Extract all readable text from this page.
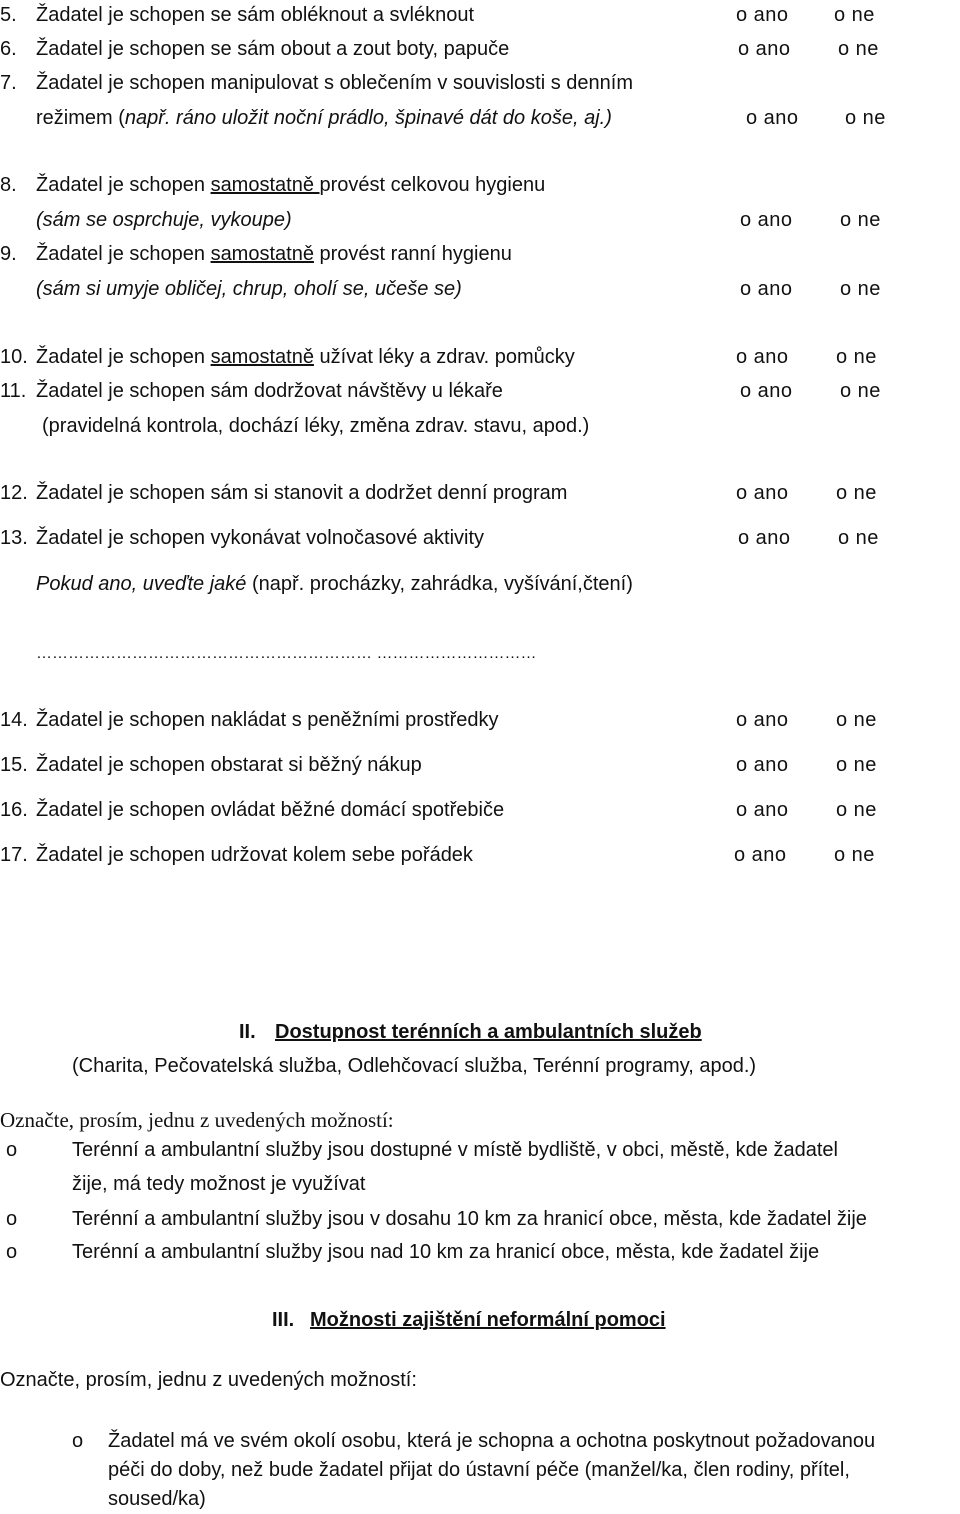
5. Žadatel je schopen se sám obléknout a svléknout	o ano o ne
6. Žadatel je schopen se sám obout a zout boty, papuče	o ano o ne
7. Žadatel je schopen manipulovat s oblečením v souvislosti s denním
režimem (např. ráno uložit noční prádlo, špinavé dát do koše, aj.)	o ano o ne
8. Žadatel je schopen samostatně provést celkovou hygienu
(sám se osprchuje, vykoupe)	o ano o ne
9. Žadatel je schopen samostatně provést ranní hygienu
(sám si umyje obličej, chrup, oholí se, učeše se)	o ano o ne
10. Žadatel je schopen samostatně užívat léky a zdrav. pomůcky	o ano o ne
11. Žadatel je schopen sám dodržovat návštěvy u lékaře
(pravidelná kontrola, dochází léky, změna zdrav. stavu, apod.)
o ano o ne
12. Žadatel je schopen sám si stanovit a dodržet denní program	o ano o ne
13. Žadatel je schopen vykonávat volnočasové aktivity	o ano o ne
Pokud ano, uveďte jaké (např. procházky, zahrádka, vyšívání,čtení)
……………………………………………………… …………………………
14. Žadatel je schopen nakládat s peněžními prostředky	o ano o ne
15. Žadatel je schopen obstarat si běžný nákup	o ano o ne
16. Žadatel je schopen ovládat běžné domácí spotřebiče	o ano o ne
17. Žadatel je schopen udržovat kolem sebe pořádek	o ano o ne
II. Dostupnost terénních a ambulantních služeb
(Charita, Pečovatelská služba, Odlehčovací služba, Terénní programy, apod.)
Označte, prosím, jednu z uvedených možností:
o	Terénní a ambulantní služby jsou dostupné v místě bydliště, v obci, městě, kde žadatel
žije, má tedy možnost je využívat
o	Terénní a ambulantní služby jsou v dosahu 10 km za hranicí obce, města, kde žadatel žije
o	Terénní a ambulantní služby jsou nad 10 km za hranicí obce, města, kde žadatel žije
III. Možnosti zajištění neformální pomoci
Označte, prosím, jednu z uvedených možností:
o Žadatel má ve svém okolí osobu, která je schopna a ochotna poskytnout požadovanou
péči do doby, než bude žadatel přijat do ústavní péče (manžel/ka, člen rodiny, přítel,
soused/ka)
